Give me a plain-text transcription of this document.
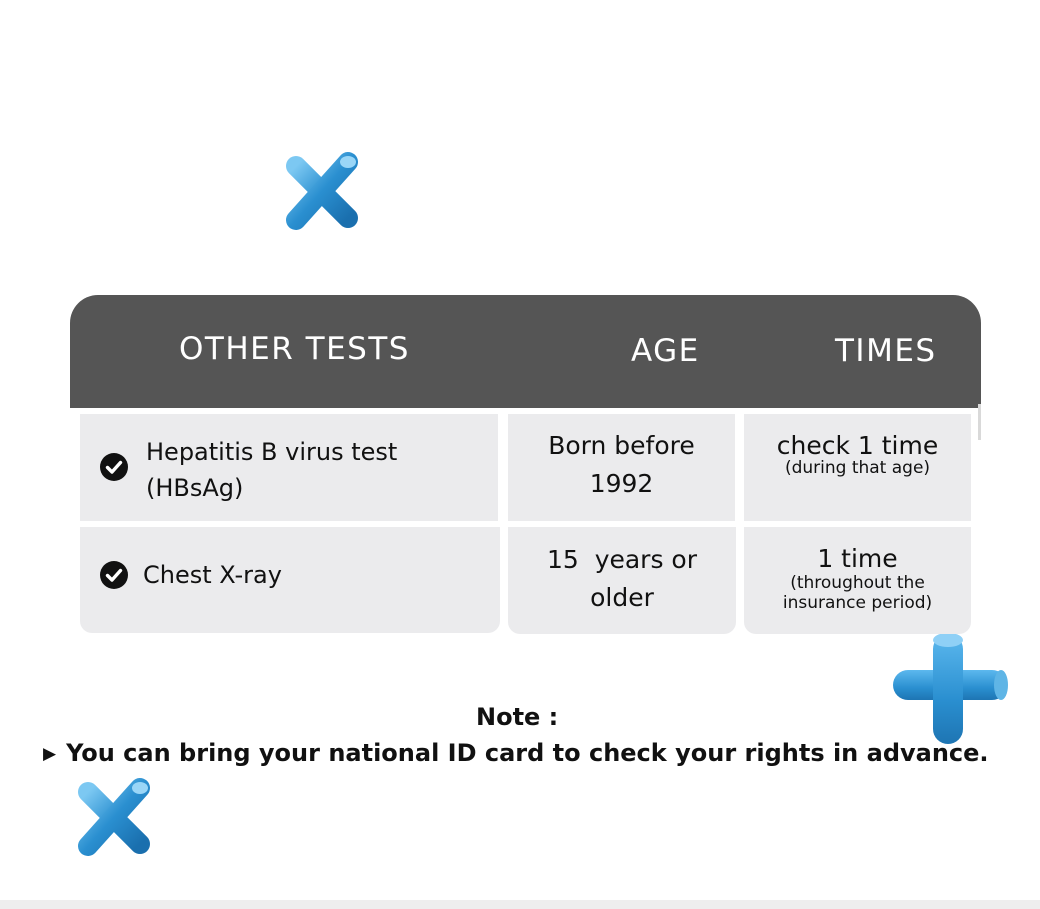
OTHER TESTS	AGE	TIMES
Hepatitis B virus test
(HBsAg)
Born before
1992
check 1 time
(during that age)
Chest X-ray
15  years or
older
1 time
(throughout the
insurance period)
Note :
▶ You can bring your national ID card to check your rights in advance.
